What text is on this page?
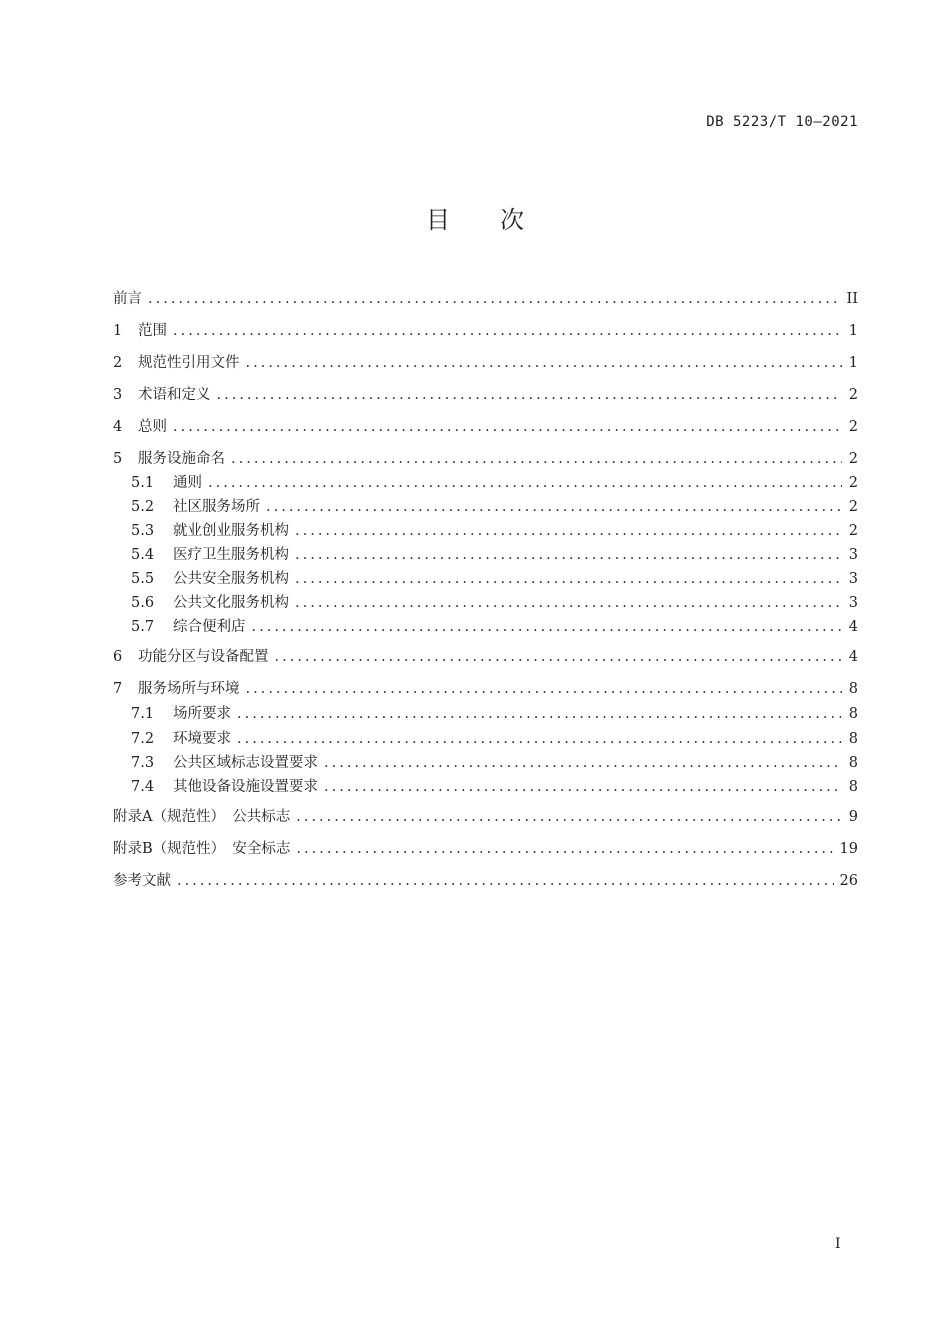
DB 5223/T 10—2021
目 次
前言 .....	II
1	范围 .....	1
2	规范性引用文件 .....	1
3	术语和定义 .....	2
4	总则 .....	2
5	服务设施命名 .....	2
5.1	通则 .....	2
5.2	社区服务场所 .....	2
5.3	就业创业服务机构 .....	2
5.4	医疗卫生服务机构 .....	3
5.5	公共安全服务机构 .....	3
5.6	公共文化服务机构 .....	3
5.7	综合便利店 .....	4
6	功能分区与设备配置 .....	4
7	服务场所与环境 .....	8
7.1	场所要求 .....	8
7.2	环境要求 .....	8
7.3	公共区域标志设置要求 .....	8
7.4	其他设备设施设置要求 .....	8
附录A（规范性）　公共标志 .....	9
附录B（规范性）　安全标志 .....	19
参考文献 .....	26
I
